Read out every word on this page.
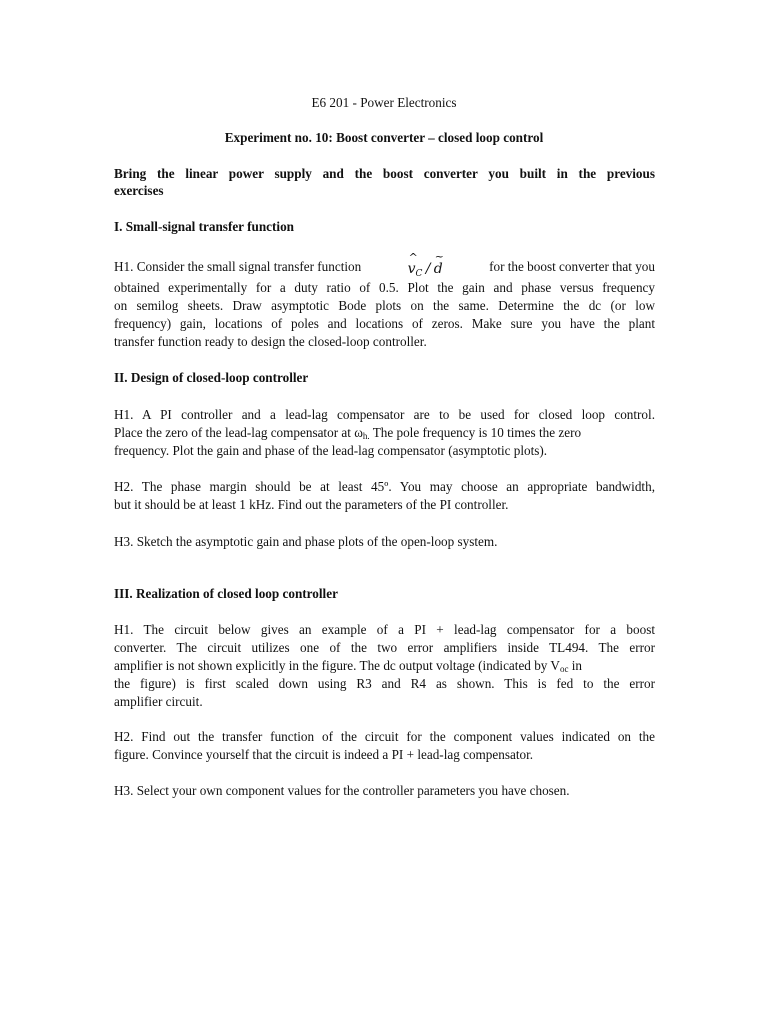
E6 201 - Power Electronics

Experiment no. 10: Boost converter – closed loop control

Bring the linear power supply and the boost converter you built in the previous

exercises

I. Small-signal transfer function

H1. Consider the small signal transfer function	^ $v_C$ / ~ d	for the boost converter that you

obtained experimentally for a duty ratio of 0.5. Plot the gain and phase versus frequency

on semilog sheets. Draw asymptotic Bode plots on the same. Determine the dc (or low

frequency) gain, locations of poles and locations of zeros. Make sure you have the plant

transfer function ready to design the closed-loop controller.

II. Design of closed-loop controller

H1. A PI controller and a lead-lag compensator are to be used for closed loop control.

Place the zero of the lead-lag compensator at $\omega_{h.}$ The pole frequency is 10 times the zero

frequency. Plot the gain and phase of the lead-lag compensator (asymptotic plots).

H2. The phase margin should be at least 45º. You may choose an appropriate bandwidth,

but it should be at least 1 kHz. Find out the parameters of the PI controller.

H3. Sketch the asymptotic gain and phase plots of the open-loop system.

III. Realization of closed loop controller

H1. The circuit below gives an example of a PI + lead-lag compensator for a boost

converter. The circuit utilizes one of the two error amplifiers inside TL494. The error

amplifier is not shown explicitly in the figure. The dc output voltage (indicated by $V_{oc}$ in

the figure) is first scaled down using R3 and R4 as shown. This is fed to the error

amplifier circuit.

H2. Find out the transfer function of the circuit for the component values indicated on the

figure. Convince yourself that the circuit is indeed a PI + lead-lag compensator.

H3. Select your own component values for the controller parameters you have chosen.
